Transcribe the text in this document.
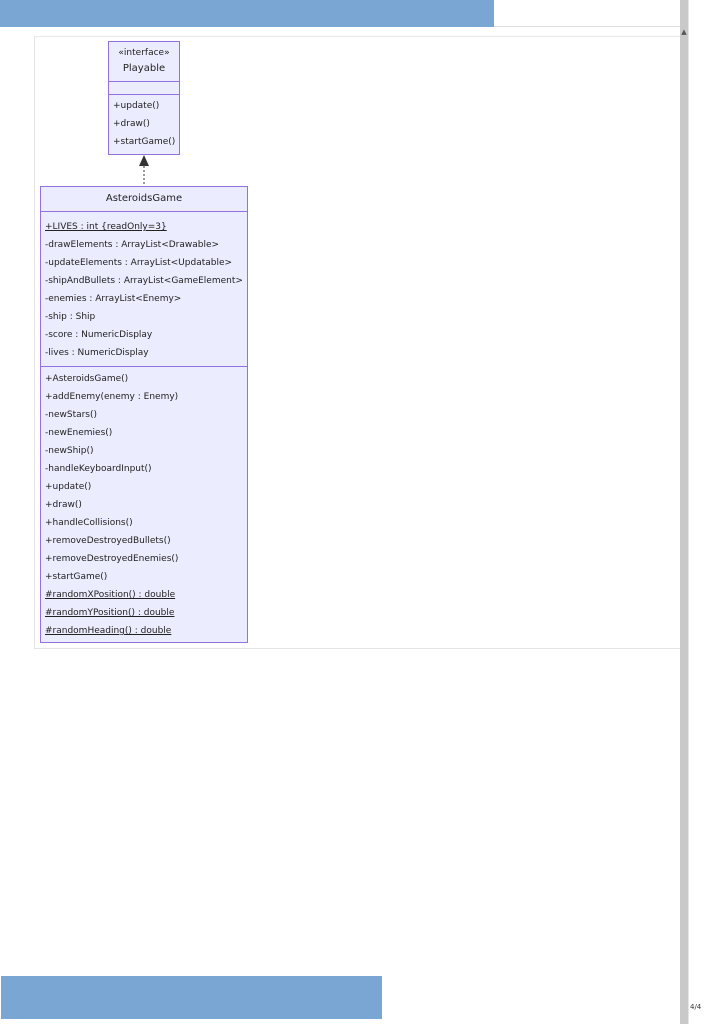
«interface»
Playable
+update()
+draw()
+startGame()
AsteroidsGame
+LIVES : int {readOnly=3}
-drawElements : ArrayList<Drawable>
-updateElements : ArrayList<Updatable>
-shipAndBullets : ArrayList<GameElement>
-enemies : ArrayList<Enemy>
-ship : Ship
-score : NumericDisplay
-lives : NumericDisplay
+AsteroidsGame()
+addEnemy(enemy : Enemy)
-newStars()
-newEnemies()
-newShip()
-handleKeyboardInput()
+update()
+draw()
+handleCollisions()
+removeDestroyedBullets()
+removeDestroyedEnemies()
+startGame()
#randomXPosition() : double
#randomYPosition() : double
#randomHeading() : double
▲
4/4
